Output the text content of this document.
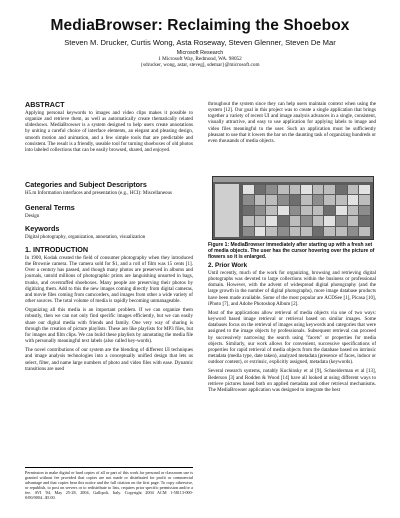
MediaBrowser: Reclaiming the Shoebox
Steven M. Drucker, Curtis Wong, Asta Roseway, Steven Glenner, Steven De Mar
Microsoft Research
1 Microsoft Way, Redmond, WA. 98052
{sdrucker, wong, astar, steveg], sdemar}@microsoft.com
ABSTRACT

Applying personal keywords to images and video clips makes it possible to organize and retrieve them, as well as automatically create thematically related slideshows. MediaBrowser is a system designed to help users create annotations by uniting a careful choice of interface elements, an elegant and pleasing design, smooth motion and animation, and a few simple tools that are predictable and consistent. The result is a friendly, useable tool for turning shoeboxes of old photos into labeled collections that can be easily browsed, shared, and enjoyed.

Categories and Subject Descriptors
H5.m Information interfaces and presentation (e.g., HCI): Miscellaneous
General Terms
Design
Keywords
Digital photography, organization, annotation, visualization
1. INTRODUCTION

In 1900, Kodak created the field of consumer photography when they introduced the Brownie camera. The camera sold for $1, and a roll of film was 15 cents [1]. Over a century has passed, and though many photos are preserved in albums and journals, untold millions of photographic prints are languishing unsorted in bags, trunks, and overstuffed shoeboxes. Many people are preserving their photos by digitizing them. Add to this the new images coming directly from digital cameras, and movie files coming from camcorders, and images from other a wide variety of other sources. The total volume of media is rapidly becoming unmanageable.

Organizing all this media is an important problem. If we can organize them robustly, then we can not only find specific images efficiently, but we can easily share our digital media with friends and family. One very way of sharing is through the creation of picture playlists. These are like playlists for MP3 files, but for images and film clips. We can build these playlists by annotating the media file with personally meaningful text labels (also called key-words).

The novel contributions of our system are the blending of different UI techniques and image analysis technologies into a conceptually unified design that lets us select, filter, and name large numbers of photo and video files with ease. Dynamic transitions are used

Permission to make digital or hard copies of all or part of this work for personal or classroom use is granted without fee provided that copies are not made or distributed for profit or commercial advantage and that copies bear this notice and the full citation on the first page. To copy otherwise, or republish, to post on servers or to redistribute to lists, requires prior specific permission and/or a fee. AVI '04, May 25-28, 2004, Gallipoli, Italy. Copyright 2004 ACM 1-58113-000-0/00/0004...$5.00.

throughout the system since they can help users maintain context when using the system [12]. Our goal in this project was to create a single application that brings together a variety of recent UI and image analysis advances in a single, consistent, visually attractive, and easy to use application for applying labels to image and video files meaningful to the user. Such an application must be sufficiently pleasant to use that it lowers the bar on the daunting task of organizing hundreds or even thousands of media objects.

Figure 1: MediaBrowser immediately after starting up with a fresh set of media objects. The user has the cursor hovering over the picture of flowers so it is enlarged.
2. Prior Work

Until recently, much of the work for organizing, browsing and retrieving digital photographs was devoted to large collections within the business or professional domain. However, with the advent of widespread digital photography (and the large growth in the number of digital photographs), more image database products have been made available. Some of the most popular are ACDSee [1], Picasa [10], iPhoto [7], and Adobe Photoshop Album [2].

Most of the applications allow retrieval of media objects via one of two ways: keyword based image retrieval or retrieval based on similar images. Some databases focus on the retrieval of images using keywords and categories that were assigned to the image objects by professionals. Subsequent retrieval can proceed by successively narrowing the search using "facets" or properties for media objects. Similarly, our work allows for convenient, successive specifications of properties for rapid retrieval of media objects from the database based on intrinsic metadata (media type, date taken), analyzed metadata (presence of faces, indoor or outdoor content), or extrinsic, explicitly assigned, metadata (keywords).

Several research systems, notably Kuchinsky et al [9], Schneiderman et al [13], Bederson [3] and Rodden & Wood [14] have all looked at using different ways to retrieve pictures based both on applied metadata and other retrieval mechanisms. The MediaBrowser application was designed to integrate the best
